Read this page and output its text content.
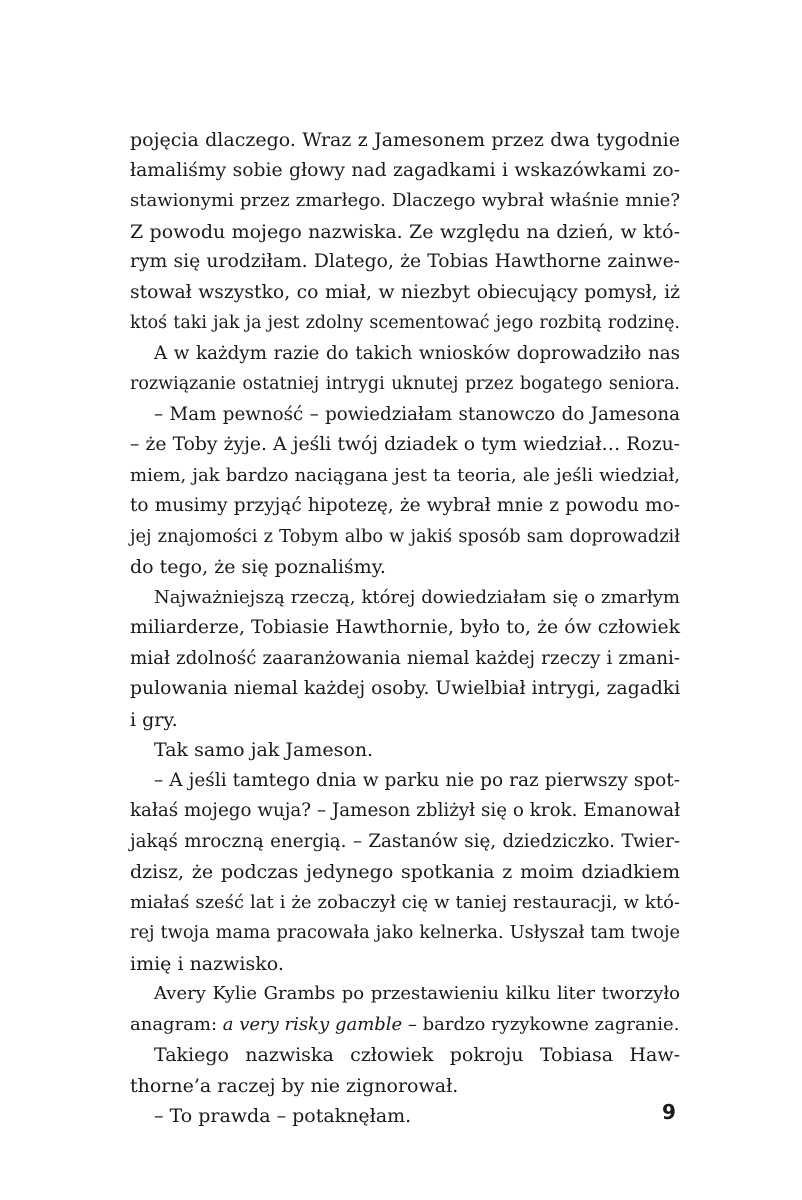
pojęcia dlaczego. Wraz z Jamesonem przez dwa tygodnie
łamaliśmy sobie głowy nad zagadkami i wskazówkami zo-
stawionymi przez zmarłego. Dlaczego wybrał właśnie mnie?
Z powodu mojego nazwiska. Ze względu na dzień, w któ-
rym się urodziłam. Dlatego, że Tobias Hawthorne zainwe-
stował wszystko, co miał, w niezbyt obiecujący pomysł, iż
ktoś taki jak ja jest zdolny scementować jego rozbitą rodzinę.
A w każdym razie do takich wniosków doprowadziło nas
rozwiązanie ostatniej intrygi uknutej przez bogatego seniora.
– Mam pewność – powiedziałam stanowczo do Jamesona
– że Toby żyje. A jeśli twój dziadek o tym wiedział… Rozu-
miem, jak bardzo naciągana jest ta teoria, ale jeśli wiedział,
to musimy przyjąć hipotezę, że wybrał mnie z powodu mo-
jej znajomości z Tobym albo w jakiś sposób sam doprowadził
do tego, że się poznaliśmy.
Najważniejszą rzeczą, której dowiedziałam się o zmarłym
miliarderze, Tobiasie Hawthornie, było to, że ów człowiek
miał zdolność zaaranżowania niemal każdej rzeczy i zmani-
pulowania niemal każdej osoby. Uwielbiał intrygi, zagadki
i gry.
Tak samo jak Jameson.
– A jeśli tamtego dnia w parku nie po raz pierwszy spot-
kałaś mojego wuja? – Jameson zbliżył się o krok. Emanował
jakąś mroczną energią. – Zastanów się, dziedziczko. Twier-
dzisz, że podczas jedynego spotkania z moim dziadkiem
miałaś sześć lat i że zobaczył cię w taniej restauracji, w któ-
rej twoja mama pracowała jako kelnerka. Usłyszał tam twoje
imię i nazwisko.
Avery Kylie Grambs po przestawieniu kilku liter tworzyło
anagram: a very risky gamble – bardzo ryzykowne zagranie.
Takiego nazwiska człowiek pokroju Tobiasa Haw-
thorne’a raczej by nie zignorował.
– To prawda – potaknęłam.	9
